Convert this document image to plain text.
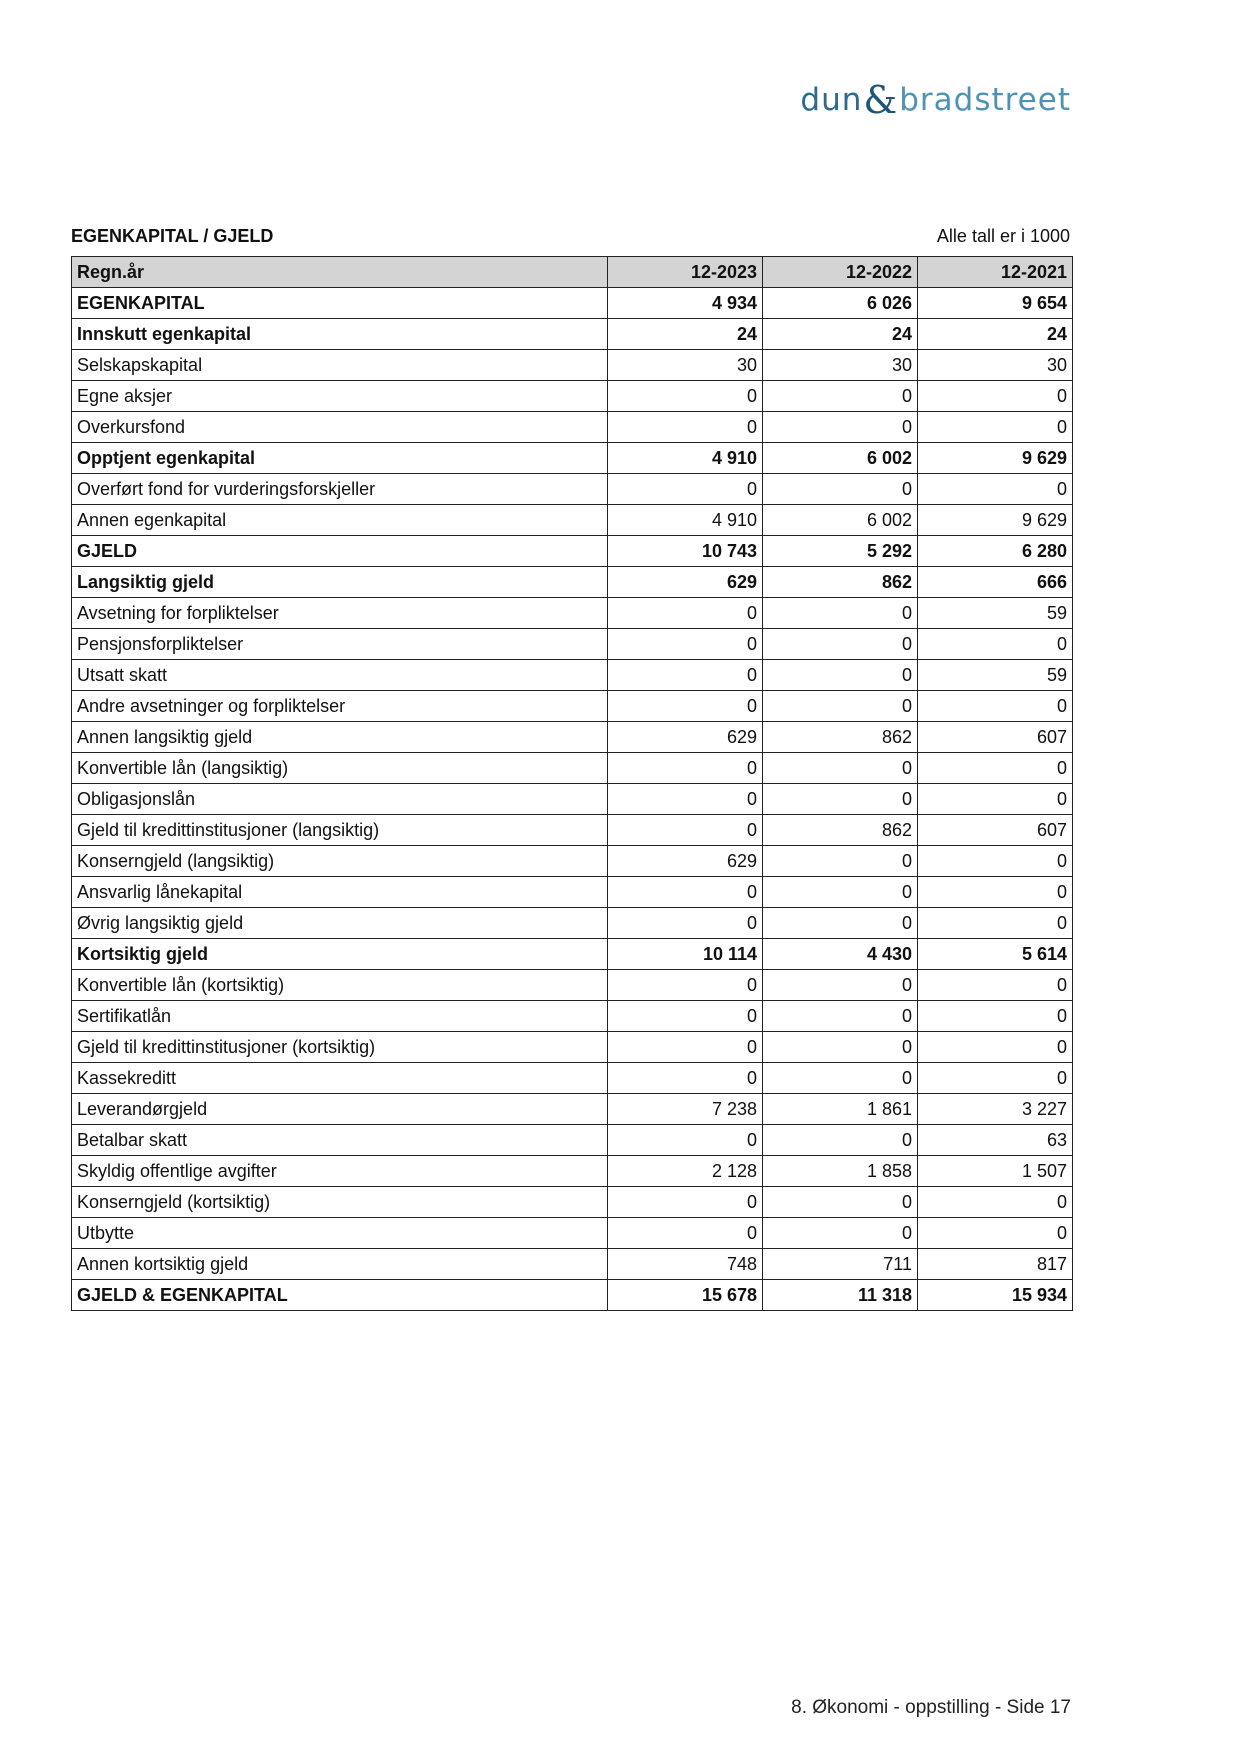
dun & bradstreet
EGENKAPITAL / GJELD	Alle tall er i 1000
Regn.år	12-2023	12-2022	12-2021
EGENKAPITAL	4 934	6 026	9 654
Innskutt egenkapital	24	24	24
Selskapskapital	30	30	30
Egne aksjer	0	0	0
Overkursfond	0	0	0
Opptjent egenkapital	4 910	6 002	9 629
Overført fond for vurderingsforskjeller	0	0	0
Annen egenkapital	4 910	6 002	9 629
GJELD	10 743	5 292	6 280
Langsiktig gjeld	629	862	666
Avsetning for forpliktelser	0	0	59
Pensjonsforpliktelser	0	0	0
Utsatt skatt	0	0	59
Andre avsetninger og forpliktelser	0	0	0
Annen langsiktig gjeld	629	862	607
Konvertible lån (langsiktig)	0	0	0
Obligasjonslån	0	0	0
Gjeld til kredittinstitusjoner (langsiktig)	0	862	607
Konserngjeld (langsiktig)	629	0	0
Ansvarlig lånekapital	0	0	0
Øvrig langsiktig gjeld	0	0	0
Kortsiktig gjeld	10 114	4 430	5 614
Konvertible lån (kortsiktig)	0	0	0
Sertifikatlån	0	0	0
Gjeld til kredittinstitusjoner (kortsiktig)	0	0	0
Kassekreditt	0	0	0
Leverandørgjeld	7 238	1 861	3 227
Betalbar skatt	0	0	63
Skyldig offentlige avgifter	2 128	1 858	1 507
Konserngjeld (kortsiktig)	0	0	0
Utbytte	0	0	0
Annen kortsiktig gjeld	748	711	817
GJELD & EGENKAPITAL	15 678	11 318	15 934
8. Økonomi - oppstilling - Side 17
